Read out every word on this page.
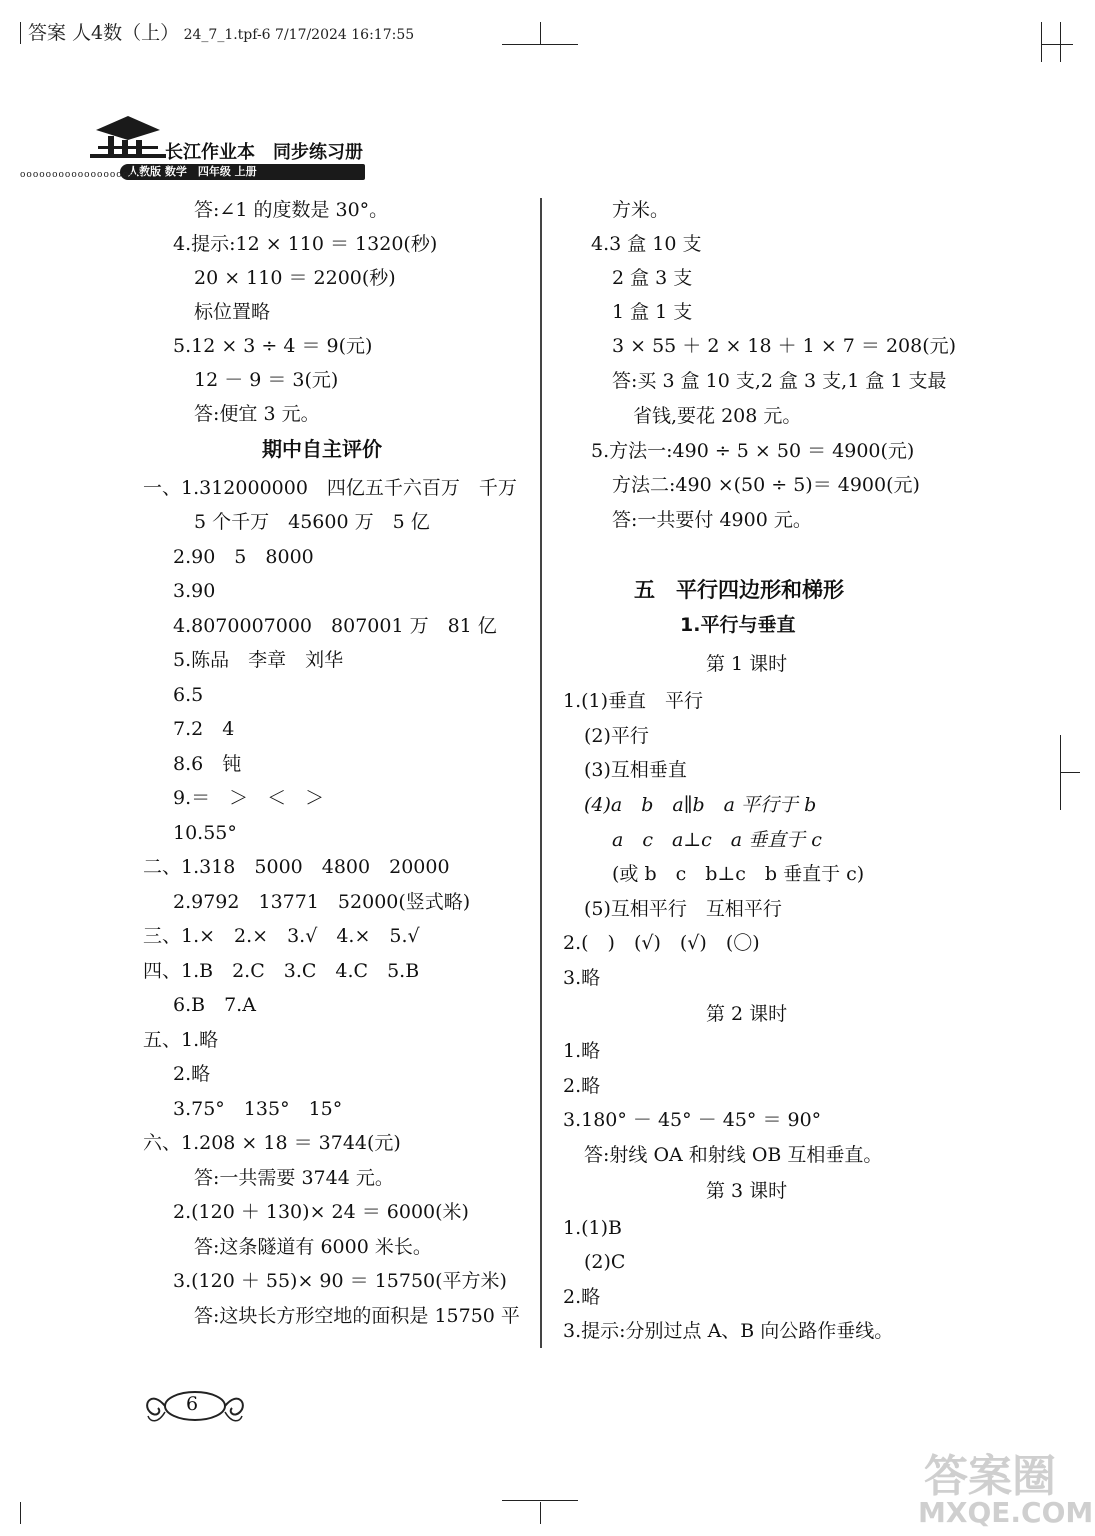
答案 人4数（上） 24_7_1.tpf-6 7/17/2024 16:17:55
长江作业本　同步练习册
人教版 数学　四年级 上册
oooooooooooooooooooo
答:∠1 的度数是 30°。
4.提示:12 × 110 ＝ 1320(秒)
20 × 110 ＝ 2200(秒)
标位置略
5.12 × 3 ÷ 4 ＝ 9(元)
12 － 9 ＝ 3(元)
答:便宜 3 元。
期中自主评价
一、1.312000000　四亿五千六百万　千万
5 个千万　45600 万　5 亿
2.90　5　8000
3.90
4.8070007000　807001 万　81 亿
5.陈品　李章　刘华
6.5
7.2　4
8.6　钝
9.＝　＞　＜　＞
10.55°
二、1.318　5000　4800　20000
2.9792　13771　52000(竖式略)
三、1.×　2.×　3.√　4.×　5.√
四、1.B　2.C　3.C　4.C　5.B
6.B　7.A
五、1.略
2.略
3.75°　135°　15°
六、1.208 × 18 ＝ 3744(元)
答:一共需要 3744 元。
2.(120 ＋ 130)× 24 ＝ 6000(米)
答:这条隧道有 6000 米长。
3.(120 ＋ 55)× 90 ＝ 15750(平方米)
答:这块长方形空地的面积是 15750 平
方米。
4.3 盒 10 支
2 盒 3 支
1 盒 1 支
3 × 55 ＋ 2 × 18 ＋ 1 × 7 ＝ 208(元)
答:买 3 盒 10 支,2 盒 3 支,1 盒 1 支最
省钱,要花 208 元。
5.方法一:490 ÷ 5 × 50 ＝ 4900(元)
方法二:490 ×(50 ÷ 5)＝ 4900(元)
答:一共要付 4900 元。
五　平行四边形和梯形
1.平行与垂直
第 1 课时
1.(1)垂直　平行
(2)平行
(3)互相垂直
(4)a　b　a∥b　a 平行于 b
a　c　a⊥c　a 垂直于 c
(或 b　c　b⊥c　b 垂直于 c)
(5)互相平行　互相平行
2.(　)　(√)　(√)　(〇)
3.略
第 2 课时
1.略
2.略
3.180° － 45° － 45° ＝ 90°
答:射线 OA 和射线 OB 互相垂直。
第 3 课时
1.(1)B
(2)C
2.略
3.提示:分别过点 A、B 向公路作垂线。
6
答案圈
MXQE.COM
